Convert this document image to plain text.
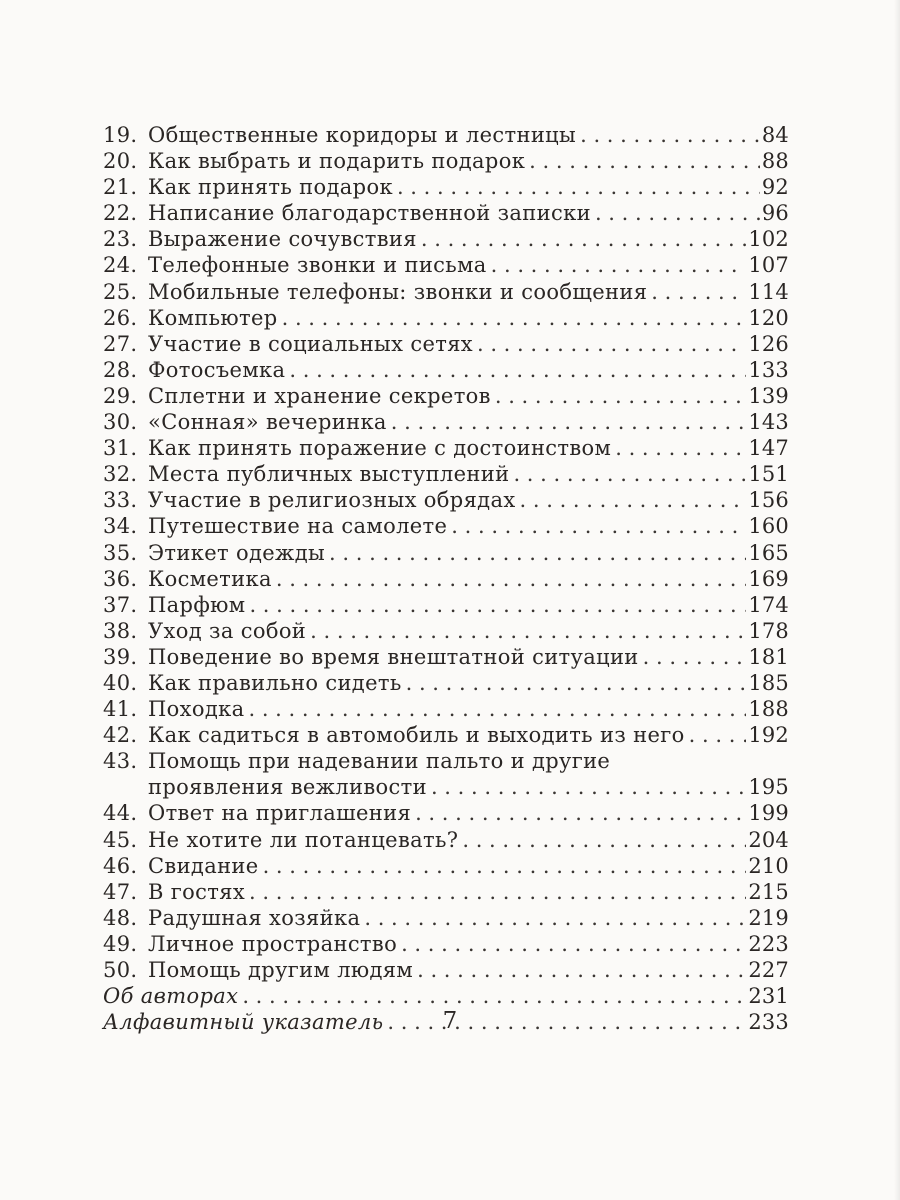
19. Общественные коридоры и лестницы . . .	84
20. Как выбрать и подарить подарок . . .	88
21. Как принять подарок . . .	92
22. Написание благодарственной записки . . .	96
23. Выражение сочувствия . . .	102
24. Телефонные звонки и письма . . .	107
25. Мобильные телефоны: звонки и сообщения . . .	114
26. Компьютер . . .	120
27. Участие в социальных сетях . . .	126
28. Фотосъемка . . .	133
29. Сплетни и хранение секретов . . .	139
30. «Сонная» вечеринка . . .	143
31. Как принять поражение с достоинством . . .	147
32. Места публичных выступлений . . .	151
33. Участие в религиозных обрядах . . .	156
34. Путешествие на самолете . . .	160
35. Этикет одежды . . .	165
36. Косметика . . .	169
37. Парфюм . . .	174
38. Уход за собой . . .	178
39. Поведение во время внештатной ситуации . . .	181
40. Как правильно сидеть . . .	185
41. Походка . . .	188
42. Как садиться в автомобиль и выходить из него . . .	192
43. Помощь при надевании пальто и другие
проявления вежливости . . .	195
44. Ответ на приглашения . . .	199
45. Не хотите ли потанцевать? . . .	204
46. Свидание . . .	210
47. В гостях . . .	215
48. Радушная хозяйка . . .	219
49. Личное пространство . . .	223
50. Помощь другим людям . . .	227
Об авторах . . .	231
Алфавитный указатель . . .	233
7
